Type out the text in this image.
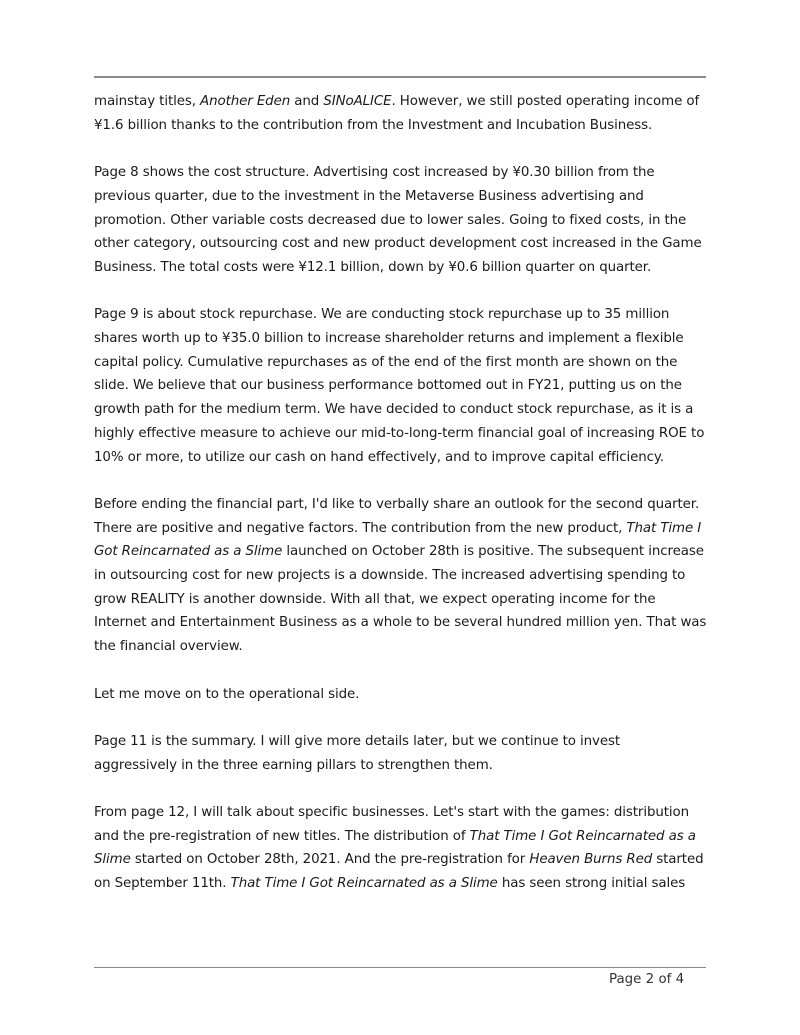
mainstay titles, Another Eden and SINoALICE. However, we still posted operating income of
¥1.6 billion thanks to the contribution from the Investment and Incubation Business.

Page 8 shows the cost structure. Advertising cost increased by ¥0.30 billion from the
previous quarter, due to the investment in the Metaverse Business advertising and
promotion. Other variable costs decreased due to lower sales. Going to fixed costs, in the
other category, outsourcing cost and new product development cost increased in the Game
Business. The total costs were ¥12.1 billion, down by ¥0.6 billion quarter on quarter.

Page 9 is about stock repurchase. We are conducting stock repurchase up to 35 million
shares worth up to ¥35.0 billion to increase shareholder returns and implement a flexible
capital policy. Cumulative repurchases as of the end of the first month are shown on the
slide. We believe that our business performance bottomed out in FY21, putting us on the
growth path for the medium term. We have decided to conduct stock repurchase, as it is a
highly effective measure to achieve our mid-to-long-term financial goal of increasing ROE to
10% or more, to utilize our cash on hand effectively, and to improve capital efficiency.

Before ending the financial part, I'd like to verbally share an outlook for the second quarter.
There are positive and negative factors. The contribution from the new product, That Time I
Got Reincarnated as a Slime launched on October 28th is positive. The subsequent increase
in outsourcing cost for new projects is a downside. The increased advertising spending to
grow REALITY is another downside. With all that, we expect operating income for the
Internet and Entertainment Business as a whole to be several hundred million yen. That was
the financial overview.

Let me move on to the operational side.

Page 11 is the summary. I will give more details later, but we continue to invest
aggressively in the three earning pillars to strengthen them.

From page 12, I will talk about specific businesses. Let's start with the games: distribution
and the pre-registration of new titles. The distribution of That Time I Got Reincarnated as a
Slime started on October 28th, 2021. And the pre-registration for Heaven Burns Red started
on September 11th. That Time I Got Reincarnated as a Slime has seen strong initial sales

Page 2 of 4
